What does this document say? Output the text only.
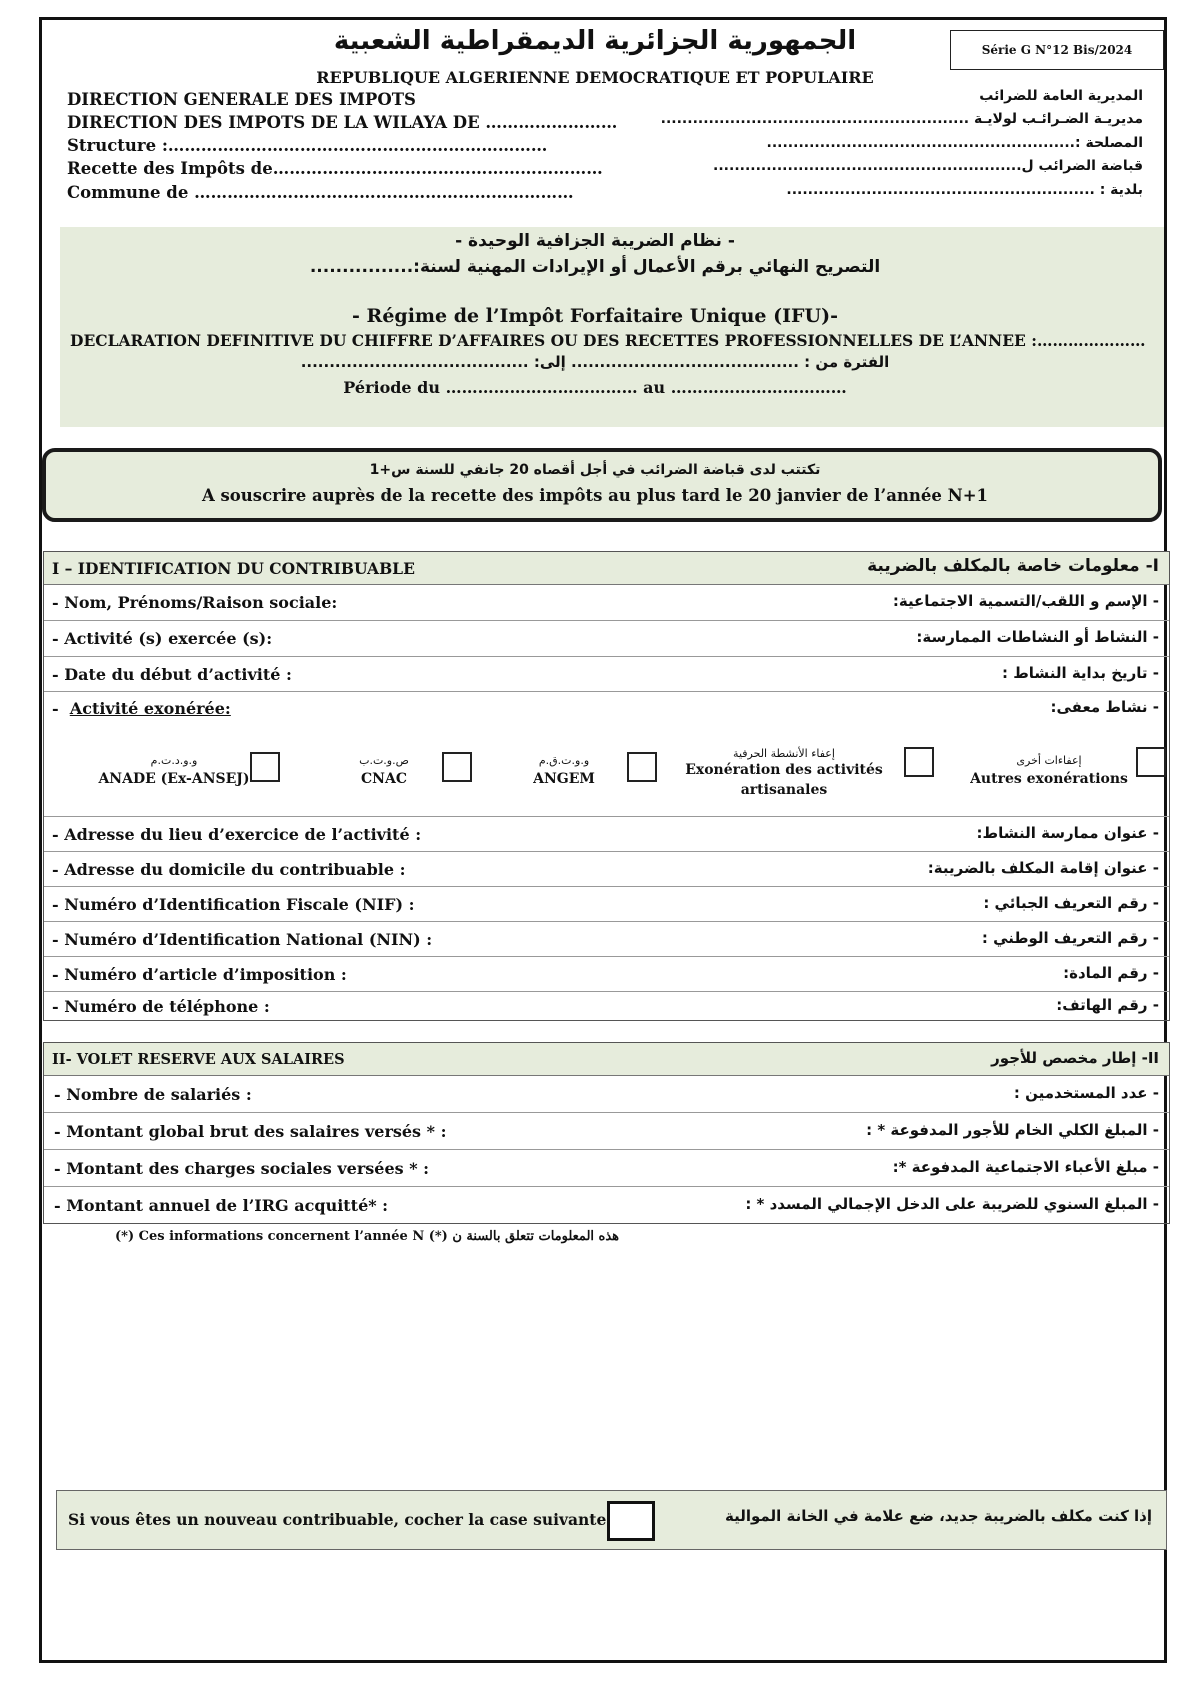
Série G N°12 Bis/2024
الجمهورية الجزائرية الديمقراطية الشعبية
REPUBLIQUE ALGERIENNE DEMOCRATIQUE ET POPULAIRE
DIRECTION GENERALE DES IMPOTS
DIRECTION DES IMPOTS DE LA WILAYA DE ……………………
Structure :……………………………………………………………
Recette des Impôts de……………………………………………………
Commune de ……………………………………………………………
المديرية العامة للضرائب
مديريـة الضـرائـب لولايـة ..........................................................
المصلحة :..........................................................
قباضة الضرائب ل..........................................................
بلدية : ..........................................................
- نظام الضريبة الجزافية الوحيدة -
التصريح النهائي برقم الأعمال أو الإيرادات المهنية لسنة:................
- Régime de l’Impôt Forfaitaire Unique (IFU)-
DECLARATION DEFINITIVE DU CHIFFRE D’AFFAIRES OU DES RECETTES PROFESSIONNELLES DE L’ANNEE :…………………
الفترة من : ........................................ إلى: ........................................
Période du ……………………………… au ……………………………
تكتتب لدى قباضة الضرائب في أجل أقصاه 20 جانفي للسنة س+1
A souscrire auprès de la recette des impôts au plus tard le 20 janvier de l’année N+1
I – IDENTIFICATION DU CONTRIBUABLE	I- معلومات خاصة بالمكلف بالضريبة
- Nom, Prénoms/Raison sociale:	- الإسم و اللقب/التسمية الاجتماعية:
- Activité (s) exercée (s):	- النشاط أو النشاطات الممارسة:
- Date du début d’activité :	- تاريخ بداية النشاط :
-  Activité exonérée:	- نشاط معفى:
و.و.د.ت.م
ANADE (Ex-ANSEJ)
ص.و.ت.ب
CNAC
و.و.ت.ق.م
ANGEM
إعفاء الأنشطة الحرفية
Exonération des activités artisanales
إعفاءات أخرى
Autres exonérations
- Adresse du lieu d’exercice de l’activité :	- عنوان ممارسة النشاط:
- Adresse du domicile du contribuable :	- عنوان إقامة المكلف بالضريبة:
- Numéro d’Identification Fiscale (NIF) :	- رقم التعريف الجبائي :
- Numéro d’Identification National (NIN) :	- رقم التعريف الوطني :
- Numéro d’article d’imposition :	- رقم المادة:
- Numéro de téléphone :	- رقم الهاتف:
II- VOLET RESERVE AUX SALAIRES	II- إطار مخصص للأجور
- Nombre de salariés :	- عدد المستخدمين :
- Montant global brut des salaires versés * :	- المبلغ الكلي الخام للأجور المدفوعة * :
- Montant des charges sociales versées * :	- مبلغ الأعباء الاجتماعية المدفوعة *:
- Montant annuel de l’IRG acquitté* :	- المبلغ السنوي للضريبة على الدخل الإجمالي المسدد * :
(*) Ces informations concernent l’année N (*) هذه المعلومات تتعلق بالسنة ن
Si vous êtes un nouveau contribuable, cocher la case suivante	إذا كنت مكلف بالضريبة جديد، ضع علامة في الخانة الموالية
